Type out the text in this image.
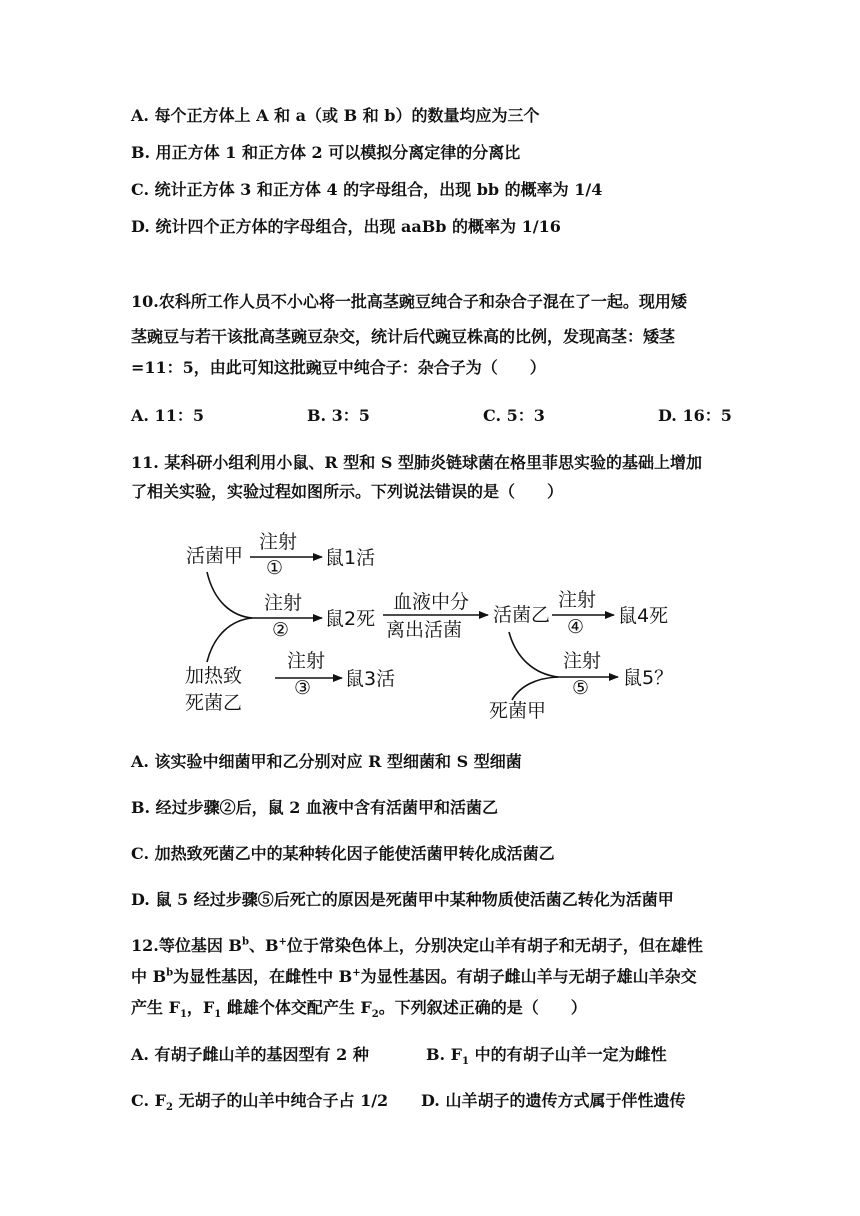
A. 每个正方体上 A 和 a（或 B 和 b）的数量均应为三个
B. 用正方体 1 和正方体 2 可以模拟分离定律的分离比
C. 统计正方体 3 和正方体 4 的字母组合，出现 bb 的概率为 1/4
D. 统计四个正方体的字母组合，出现 aaBb 的概率为 1/16
10.农科所工作人员不小心将一批高茎豌豆纯合子和杂合子混在了一起。现用矮
茎豌豆与若干该批高茎豌豆杂交，统计后代豌豆株高的比例，发现高茎：矮茎
=11：5，由此可知这批豌豆中纯合子：杂合子为（　　）
A. 11：5	B. 3：5	C. 5：3	D. 16：5
11. 某科研小组利用小鼠、R 型和 S 型肺炎链球菌在格里菲思实验的基础上增加
了相关实验，实验过程如图所示。下列说法错误的是（　　）
活菌甲
加热致
死菌乙
活菌乙
死菌甲
血液中分
离出活菌
注射
① 鼠1活
注射
② 鼠2死
注射
③ 鼠3活
注射
④ 鼠4死
注射
⑤ 鼠5？
A. 该实验中细菌甲和乙分别对应 R 型细菌和 S 型细菌
B. 经过步骤②后，鼠 2 血液中含有活菌甲和活菌乙
C. 加热致死菌乙中的某种转化因子能使活菌甲转化成活菌乙
D. 鼠 5 经过步骤⑤后死亡的原因是死菌甲中某种物质使活菌乙转化为活菌甲
12.等位基因 $B^b$、B+位于常染色体上，分别决定山羊有胡子和无胡子，但在雄性
中 $B^b$为显性基因，在雌性中 B+为显性基因。有胡子雌山羊与无胡子雄山羊杂交
产生 $F_1$，$F_1$ 雌雄个体交配产生 $F_2$。下列叙述正确的是（　　）
A. 有胡子雌山羊的基因型有 2 种	B. $F_1$ 中的有胡子山羊一定为雌性
C. $F_2$ 无胡子的山羊中纯合子占 1/2 D. 山羊胡子的遗传方式属于伴性遗传
